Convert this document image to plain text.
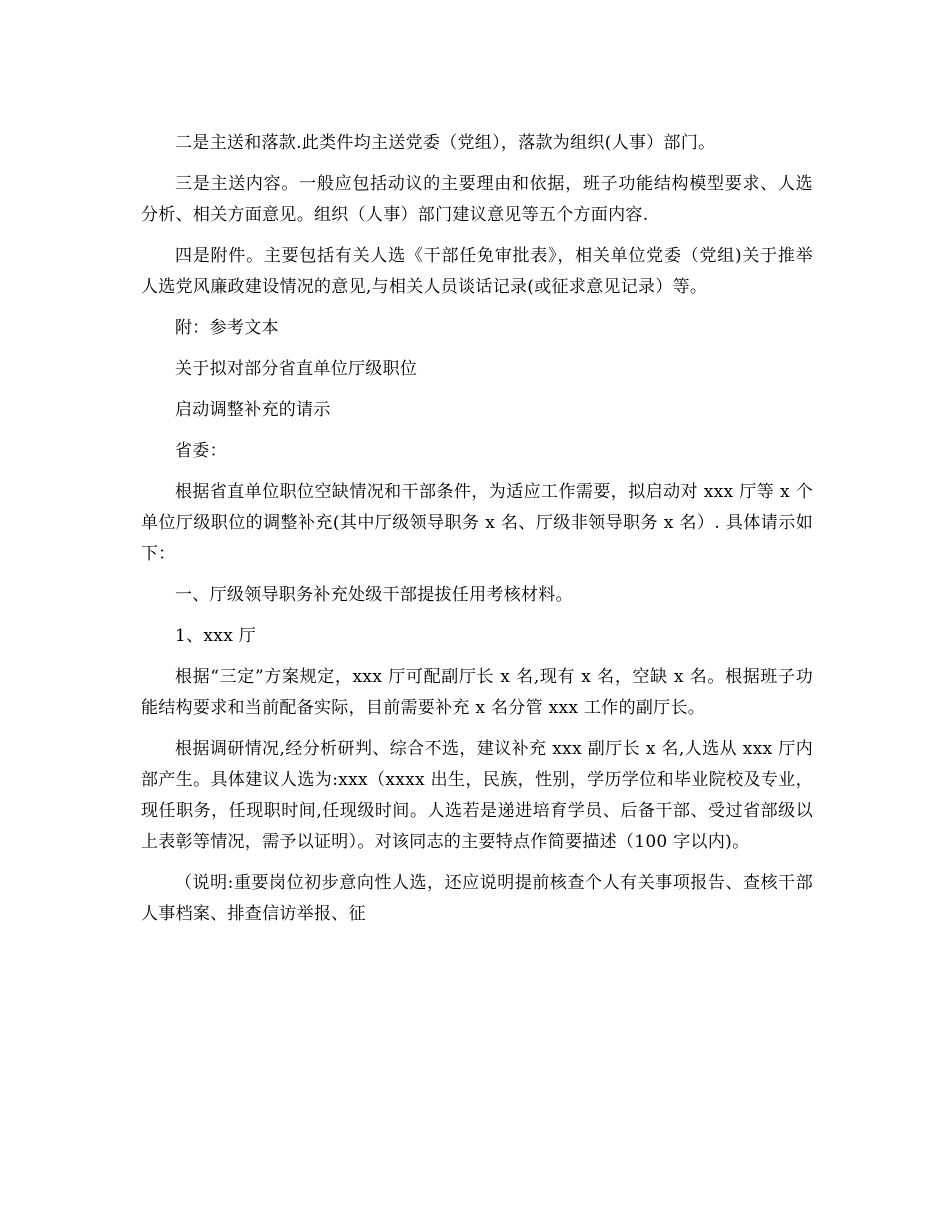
二是主送和落款.此类件均主送党委（党组），落款为组织(人事）部门。

三是主送内容。一般应包括动议的主要理由和依据，班子功能结构模型要求、人选分析、相关方面意见。组织（人事）部门建议意见等五个方面内容.

四是附件。主要包括有关人选《干部任免审批表》，相关单位党委（党组)关于推举人选党风廉政建设情况的意见,与相关人员谈话记录(或征求意见记录）等。

附：参考文本

关于拟对部分省直单位厅级职位

启动调整补充的请示

省委：

根据省直单位职位空缺情况和干部条件，为适应工作需要，拟启动对 xxx 厅等 x 个单位厅级职位的调整补充(其中厅级领导职务 x 名、厅级非领导职务 x 名）. 具体请示如下：

一、厅级领导职务补充处级干部提拔任用考核材料。

1、xxx 厅

根据“三定”方案规定，xxx 厅可配副厅长 x 名,现有 x 名，空缺 x 名。根据班子功能结构要求和当前配备实际，目前需要补充 x 名分管 xxx 工作的副厅长。

根据调研情况,经分析研判、综合不选，建议补充 xxx 副厅长 x 名,人选从 xxx 厅内部产生。具体建议人选为:xxx（xxxx 出生，民族，性别，学历学位和毕业院校及专业，现任职务，任现职时间,任现级时间。人选若是递进培育学员、后备干部、受过省部级以上表彰等情况，需予以证明）。对该同志的主要特点作简要描述（100 字以内)。

（说明:重要岗位初步意向性人选，还应说明提前核查个人有关事项报告、查核干部人事档案、排查信访举报、征
